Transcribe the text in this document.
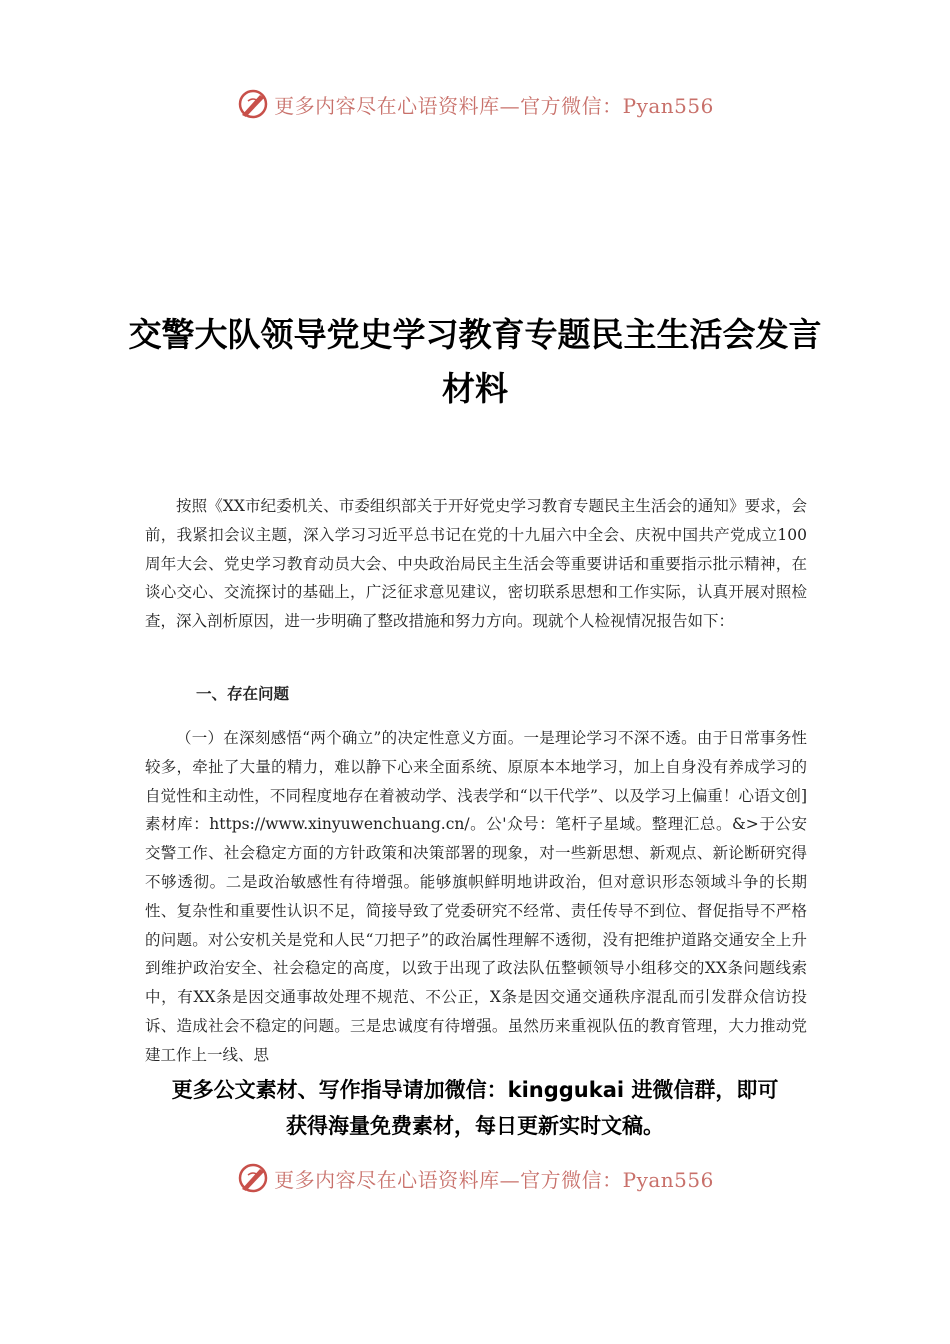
更多内容尽在心语资料库—官方微信：Pyan556
交警大队领导党史学习教育专题民主生活会发言材料
按照《XX市纪委机关、市委组织部关于开好党史学习教育专题民主生活会的通知》要求，会前，我紧扣会议主题，深入学习习近平总书记在党的十九届六中全会、庆祝中国共产党成立100周年大会、党史学习教育动员大会、中央政治局民主生活会等重要讲话和重要指示批示精神，在谈心交心、交流探讨的基础上，广泛征求意见建议，密切联系思想和工作实际，认真开展对照检查，深入剖析原因，进一步明确了整改措施和努力方向。现就个人检视情况报告如下：
一、存在问题
（一）在深刻感悟“两个确立”的决定性意义方面。一是理论学习不深不透。由于日常事务性较多，牵扯了大量的精力，难以静下心来全面系统、原原本本地学习，加上自身没有养成学习的自觉性和主动性，不同程度地存在着被动学、浅表学和“以干代学”、以及学习上偏重！心语文创]素材库：https://www.xinyuwenchuang.cn/。公'众号：笔杆子星域。整理汇总。&>于公安交警工作、社会稳定方面的方针政策和决策部署的现象，对一些新思想、新观点、新论断研究得不够透彻。二是政治敏感性有待增强。能够旗帜鲜明地讲政治，但对意识形态领域斗争的长期性、复杂性和重要性认识不足，简接导致了党委研究不经常、责任传导不到位、督促指导不严格的问题。对公安机关是党和人民“刀把子”的政治属性理解不透彻，没有把维护道路交通安全上升到维护政治安全、社会稳定的高度，以致于出现了政法队伍整顿领导小组移交的XX条问题线索中，有XX条是因交通事故处理不规范、不公正，X条是因交通交通秩序混乱而引发群众信访投诉、造成社会不稳定的问题。三是忠诚度有待增强。虽然历来重视队伍的教育管理，大力推动党建工作上一线、思
更多公文素材、写作指导请加微信：kinggukai 进微信群，即可
获得海量免费素材，每日更新实时文稿。
更多内容尽在心语资料库—官方微信：Pyan556
